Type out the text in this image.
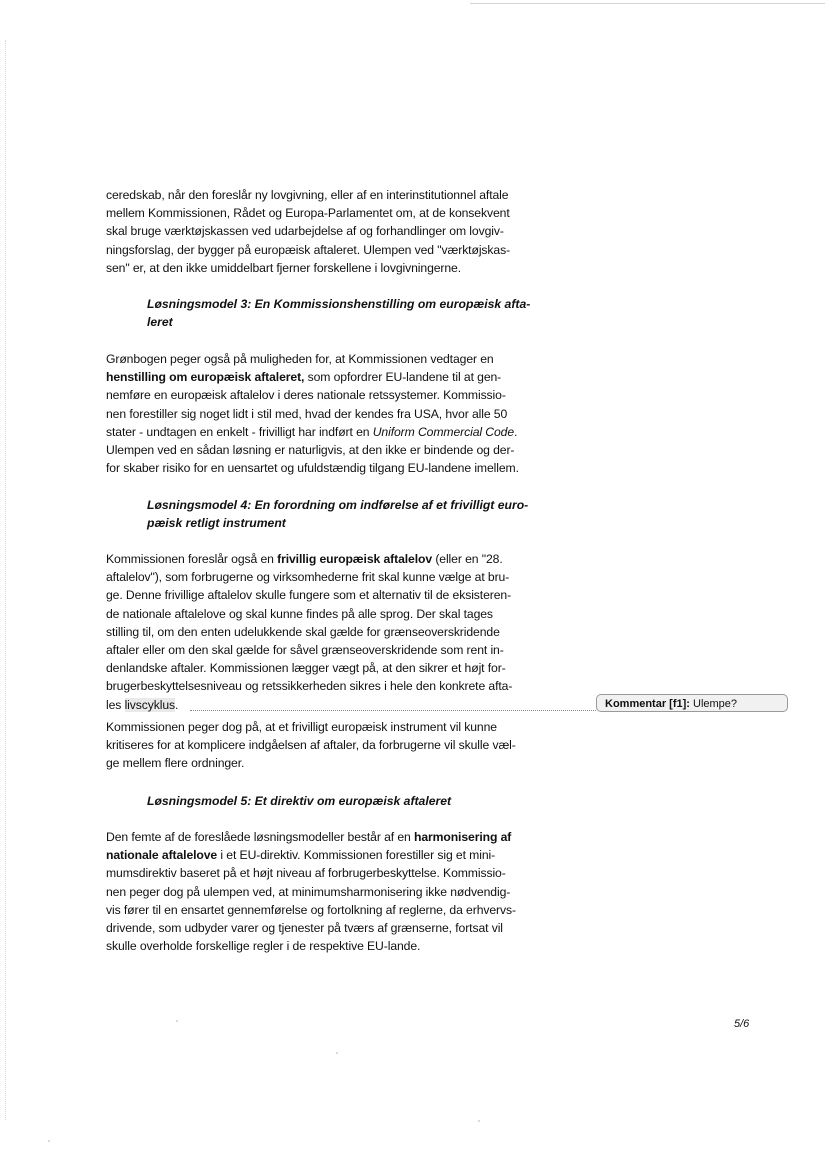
ceredskab, når den foreslår ny lovgivning, eller af en interinstitutionnel aftale
mellem Kommissionen, Rådet og Europa-Parlamentet om, at de konsekvent
skal bruge værktøjskassen ved udarbejdelse af og forhandlinger om lovgiv-
ningsforslag, der bygger på europæisk aftaleret. Ulempen ved "værktøjskas-
sen" er, at den ikke umiddelbart fjerner forskellene i lovgivningerne.
Løsningsmodel 3: En Kommissionshenstilling om europæisk afta-
leret
Grønbogen peger også på muligheden for, at Kommissionen vedtager en
henstilling om europæisk aftaleret, som opfordrer EU-landene til at gen-
nemføre en europæisk aftalelov i deres nationale retssystemer. Kommissio-
nen forestiller sig noget lidt i stil med, hvad der kendes fra USA, hvor alle 50
stater - undtagen en enkelt - frivilligt har indført en Uniform Commercial Code.
Ulempen ved en sådan løsning er naturligvis, at den ikke er bindende og der-
for skaber risiko for en uensartet og ufuldstændig tilgang EU-landene imellem.
Løsningsmodel 4: En forordning om indførelse af et frivilligt euro-
pæisk retligt instrument
Kommissionen foreslår også en frivillig europæisk aftalelov (eller en "28.
aftalelov"), som forbrugerne og virksomhederne frit skal kunne vælge at bru-
ge. Denne frivillige aftalelov skulle fungere som et alternativ til de eksisteren-
de nationale aftalelove og skal kunne findes på alle sprog. Der skal tages
stilling til, om den enten udelukkende skal gælde for grænseoverskridende
aftaler eller om den skal gælde for såvel grænseoverskridende som rent in-
denlandske aftaler. Kommissionen lægger vægt på, at den sikrer et højt for-
brugerbeskyttelsesniveau og retssikkerheden sikres i hele den konkrete afta-
les livscyklus.
Kommissionen peger dog på, at et frivilligt europæisk instrument vil kunne
kritiseres for at komplicere indgåelsen af aftaler, da forbrugerne vil skulle væl-
ge mellem flere ordninger.
Løsningsmodel 5: Et direktiv om europæisk aftaleret
Den femte af de foreslåede løsningsmodeller består af en harmonisering af
nationale aftalelove i et EU-direktiv. Kommissionen forestiller sig et mini-
mumsdirektiv baseret på et højt niveau af forbrugerbeskyttelse. Kommissio-
nen peger dog på ulempen ved, at minimumsharmonisering ikke nødvendig-
vis fører til en ensartet gennemførelse og fortolkning af reglerne, da erhvervs-
drivende, som udbyder varer og tjenester på tværs af grænserne, fortsat vil
skulle overholde forskellige regler i de respektive EU-lande.
Kommentar [f1]: Ulempe?
5/6
